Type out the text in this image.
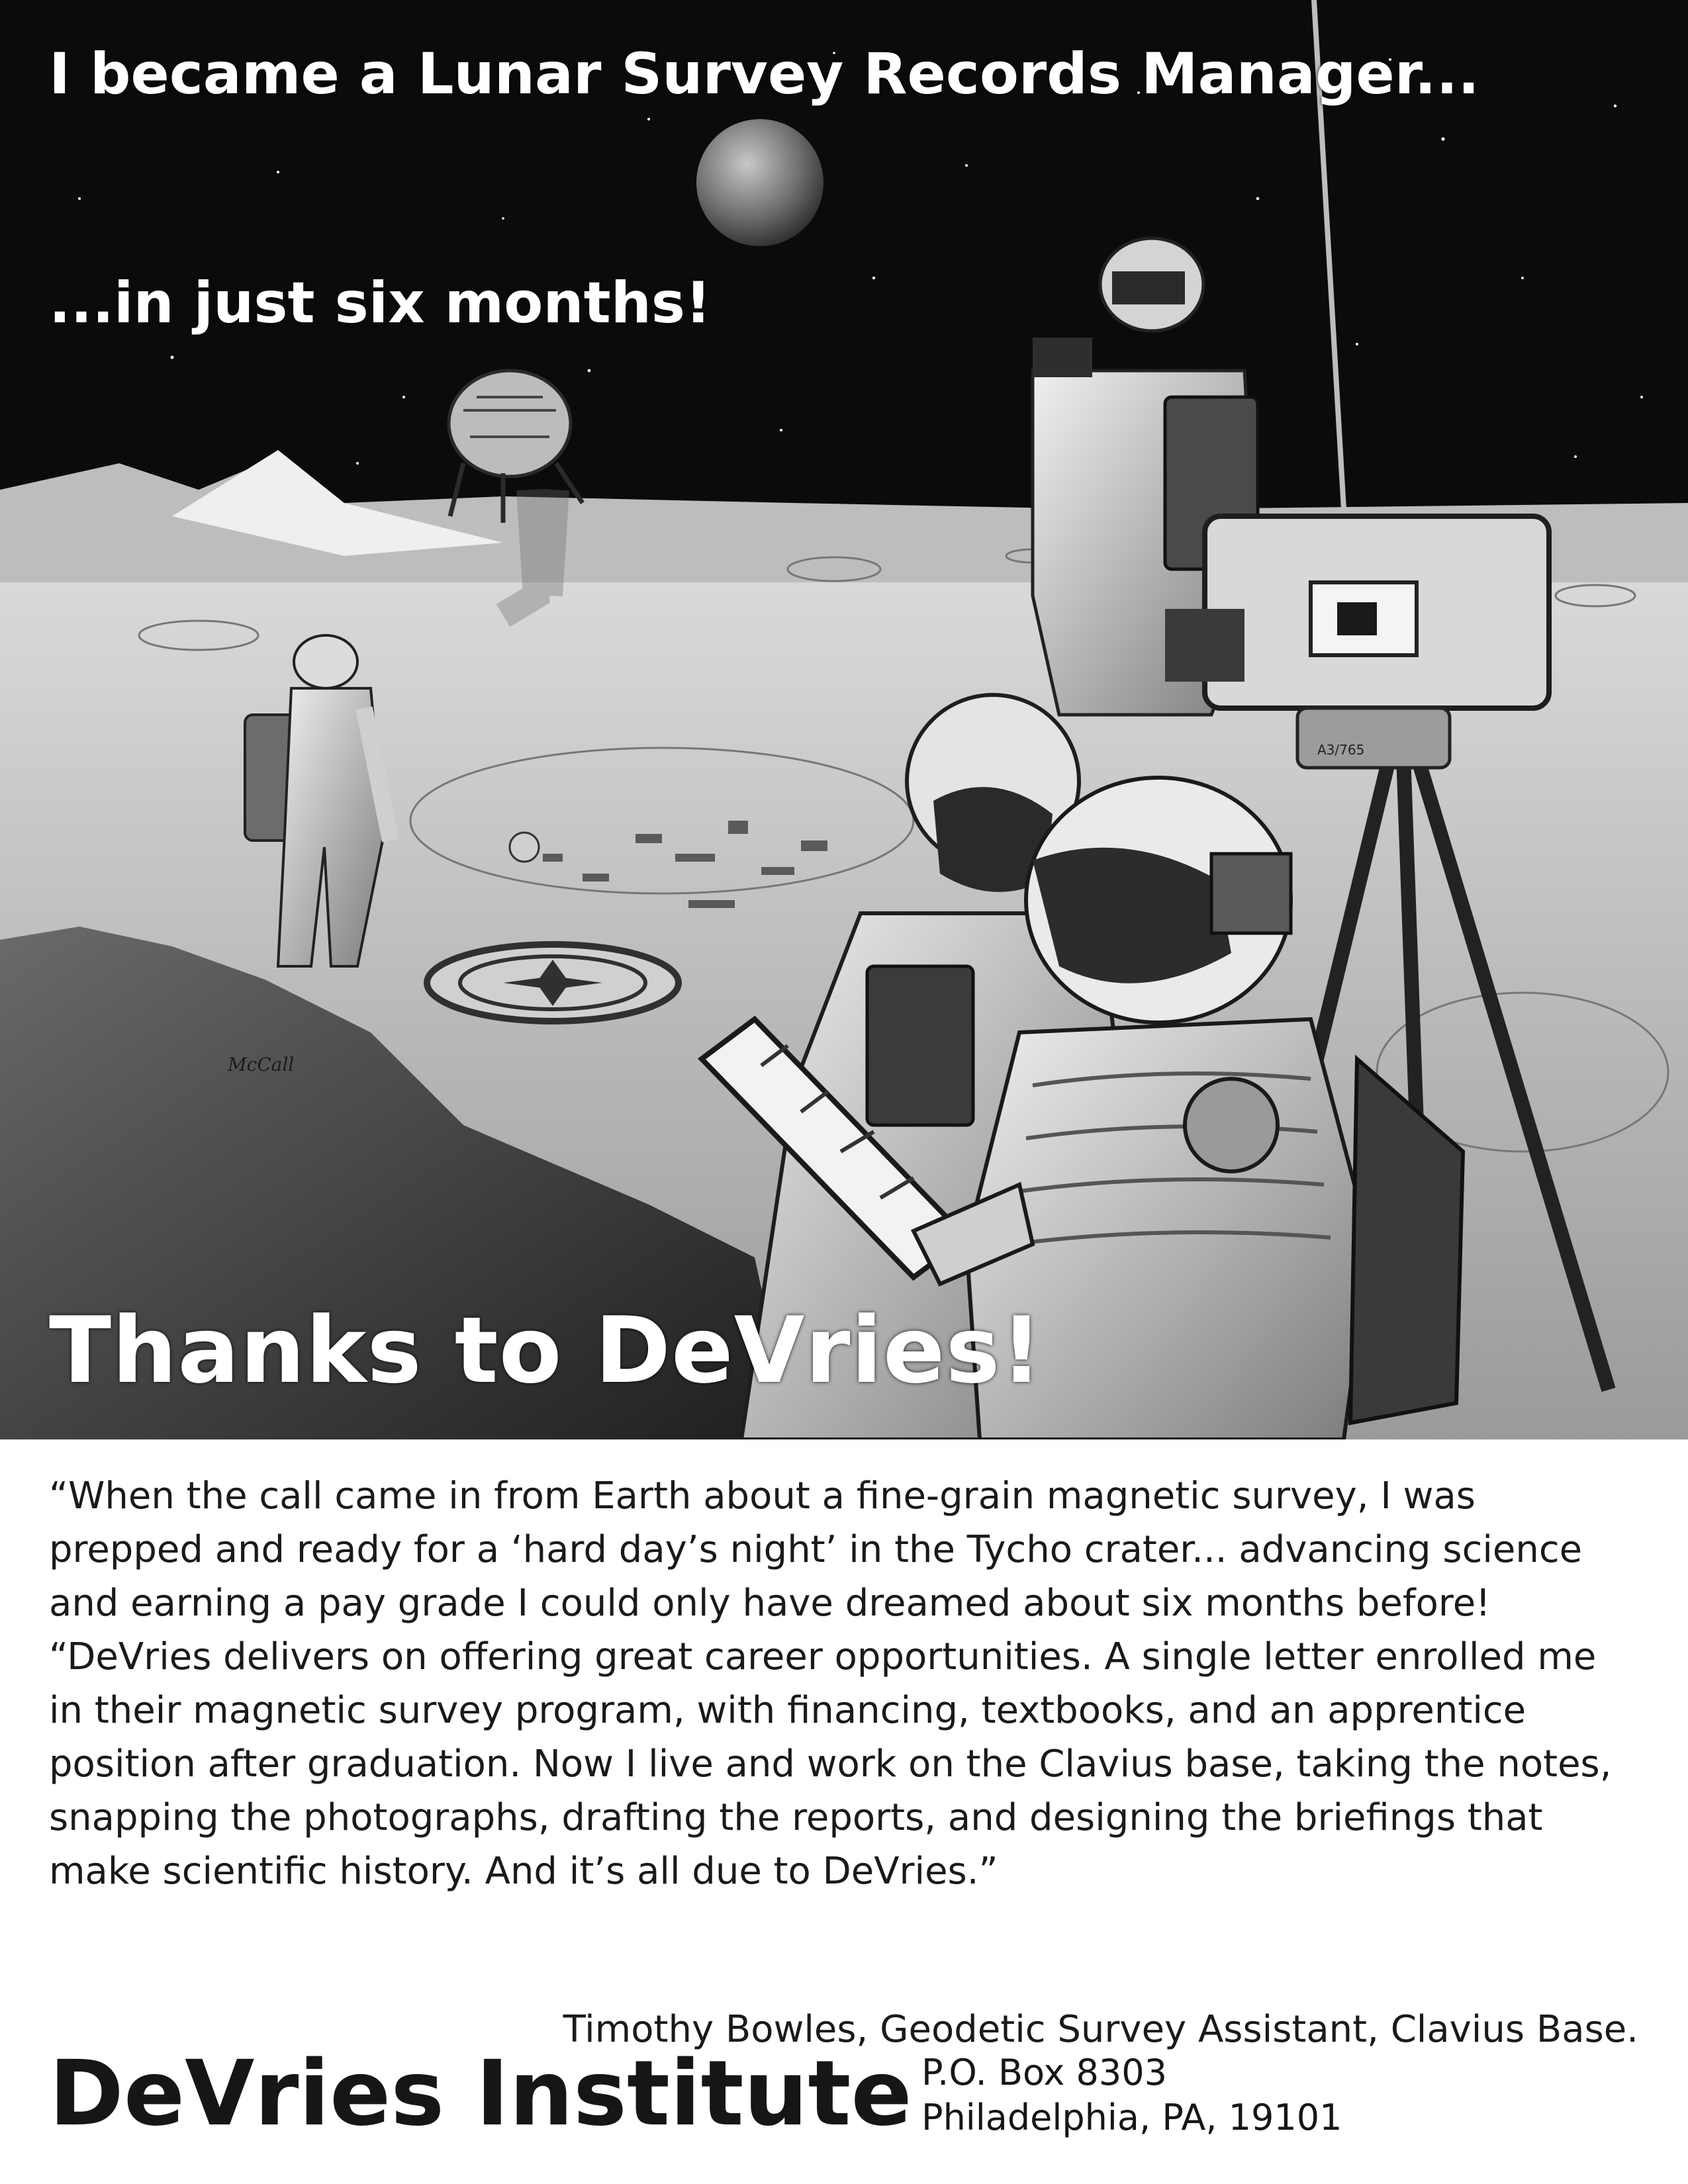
McCall
A3/765
I became a Lunar Survey Records Manager...
...in just six months!
Thanks to DeVries!

“When the call came in from Earth about a fine-grain magnetic survey, I was prepped and ready for a ‘hard day’s night’ in the Tycho crater... advancing science and earning a pay grade I could only have dreamed about six months before!

“DeVries delivers on offering great career opportunities. A single letter enrolled me in their magnetic survey program, with financing, textbooks, and an apprentice position after graduation. Now I live and work on the Clavius base, taking the notes, snapping the photographs, drafting the reports, and designing the briefings that make scientific history. And it’s all due to DeVries.”

Timothy Bowles, Geodetic Survey Assistant, Clavius Base.

DeVries Institute P.O. Box 8303
Philadelphia, PA, 19101
